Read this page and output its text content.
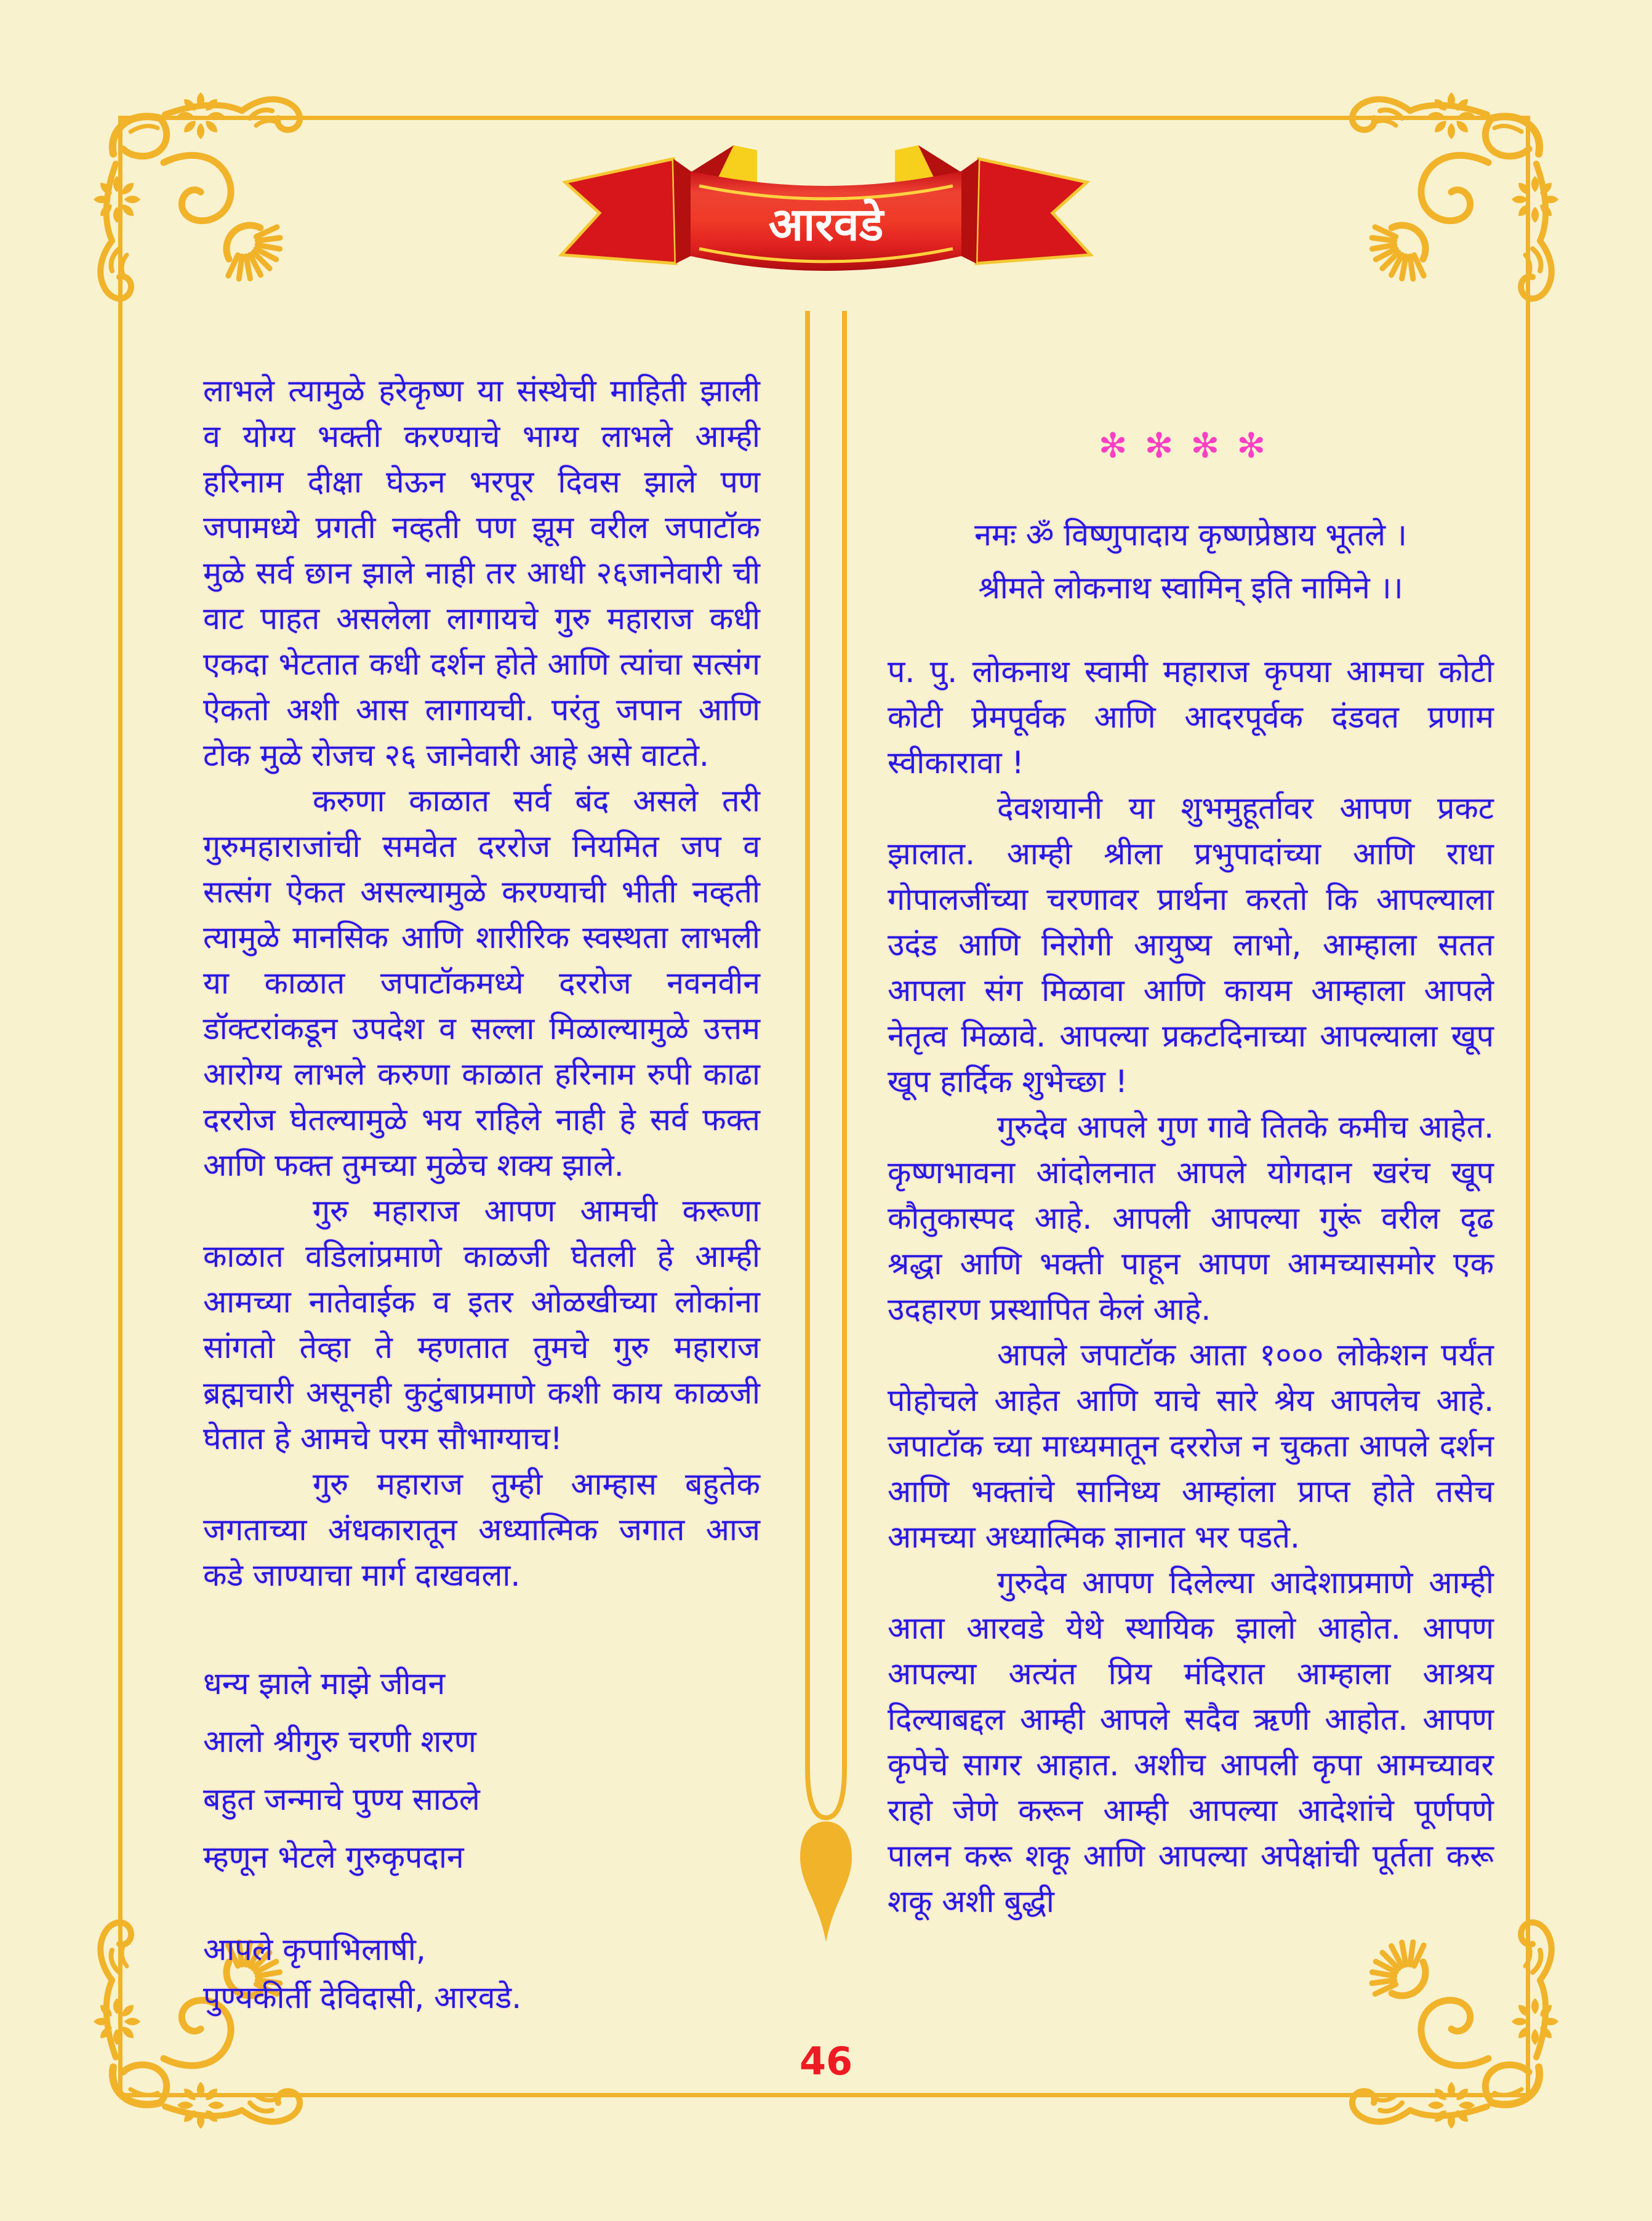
आरवडे

लाभले त्यामुळे हरेकृष्ण या संस्थेची माहिती झाली व योग्य भक्ती करण्याचे भाग्य लाभले आम्ही हरिनाम दीक्षा घेऊन भरपूर दिवस झाले पण जपामध्ये प्रगती नव्हती पण झूम वरील जपाटॉक मुळे सर्व छान झाले नाही तर आधी २६जानेवारी ची वाट पाहत असलेला लागायचे गुरु महाराज कधी एकदा भेटतात कधी दर्शन होते आणि त्यांचा सत्संग ऐकतो अशी आस लागायची. परंतु जपान आणि टोक मुळे रोजच २६ जानेवारी आहे असे वाटते.

करुणा काळात सर्व बंद असले तरी गुरुमहाराजांची समवेत दररोज नियमित जप व सत्संग ऐकत असल्यामुळे करण्याची भीती नव्हती त्यामुळे मानसिक आणि शारीरिक स्वस्थता लाभली या काळात जपाटॉकमध्ये दररोज नवनवीन डॉक्टरांकडून उपदेश व सल्ला मिळाल्यामुळे उत्तम आरोग्य लाभले करुणा काळात हरिनाम रुपी काढा दररोज घेतल्यामुळे भय राहिले नाही हे सर्व फक्त आणि फक्त तुमच्या मुळेच शक्य झाले.

गुरु महाराज आपण आमची करूणा काळात वडिलांप्रमाणे काळजी घेतली हे आम्ही आमच्या नातेवाईक व इतर ओळखीच्या लोकांना सांगतो तेव्हा ते म्हणतात तुमचे गुरु महाराज ब्रह्मचारी असूनही कुटुंबाप्रमाणे कशी काय काळजी घेतात हे आमचे परम सौभाग्याच!

गुरु महाराज तुम्ही आम्हास बहुतेक जगताच्या अंधकारातून अध्यात्मिक जगात आज कडे जाण्याचा मार्ग दाखवला.

धन्य झाले माझे जीवन
आलो श्रीगुरु चरणी शरण
बहुत जन्माचे पुण्य साठले
म्हणून भेटले गुरुकृपदान
आपले कृपाभिलाषी,
पुण्यकीर्ती देविदासी, आरवडे.
✻✻✻✻
नमः ॐ विष्णुपादाय कृष्णप्रेष्ठाय भूतले ।
श्रीमते लोकनाथ स्वामिन् इति नामिने ।।

प. पु. लोकनाथ स्वामी महाराज कृपया आमचा कोटी कोटी प्रेमपूर्वक आणि आदरपूर्वक दंडवत प्रणाम स्वीकारावा !

देवशयानी या शुभमुहूर्तावर आपण प्रकट झालात. आम्ही श्रीला प्रभुपादांच्या आणि राधा गोपालजींच्या चरणावर प्रार्थना करतो कि आपल्याला उदंड आणि निरोगी आयुष्य लाभो, आम्हाला सतत आपला संग मिळावा आणि कायम आम्हाला आपले नेतृत्व मिळावे. आपल्या प्रकटदिनाच्या आपल्याला खूप खूप हार्दिक शुभेच्छा !

गुरुदेव आपले गुण गावे तितके कमीच आहेत. कृष्णभावना आंदोलनात आपले योगदान खरंच खूप कौतुकास्पद आहे. आपली आपल्या गुरूं वरील दृढ श्रद्धा आणि भक्ती पाहून आपण आमच्यासमोर एक उदहारण प्रस्थापित केलं आहे.

आपले जपाटॉक आता १००० लोकेशन पर्यंत पोहोचले आहेत आणि याचे सारे श्रेय आपलेच आहे. जपाटॉक च्या माध्यमातून दररोज न चुकता आपले दर्शन आणि भक्तांचे सानिध्य आम्हांला प्राप्त होते तसेच आमच्या अध्यात्मिक ज्ञानात भर पडते.

गुरुदेव आपण दिलेल्या आदेशाप्रमाणे आम्ही आता आरवडे येथे स्थायिक झालो आहोत. आपण आपल्या अत्यंत प्रिय मंदिरात आम्हाला आश्रय दिल्याबद्दल आम्ही आपले सदैव ऋणी आहोत. आपण कृपेचे सागर आहात. अशीच आपली कृपा आमच्यावर राहो जेणे करून आम्ही आपल्या आदेशांचे पूर्णपणे पालन करू शकू आणि आपल्या अपेक्षांची पूर्तता करू शकू अशी बुद्धी

46
